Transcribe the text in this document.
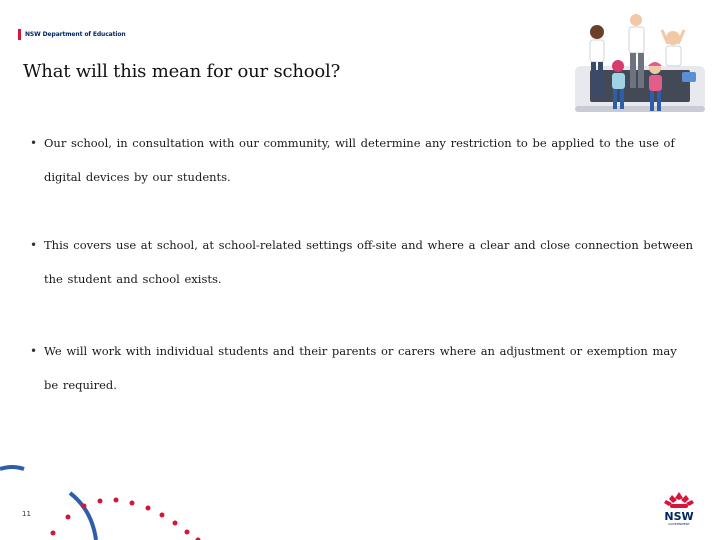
NSW Department of Education
What will this mean for our school?
• Our school, in consultation with our community, will determine any restriction to be applied to the use of digital devices by our students.
• This covers use at school, at school-related settings off-site and where a clear and close connection between the student and school exists.
• We will work with individual students and their parents or carers where an adjustment or exemption may be required.
11	NSW
GOVERNMENT
